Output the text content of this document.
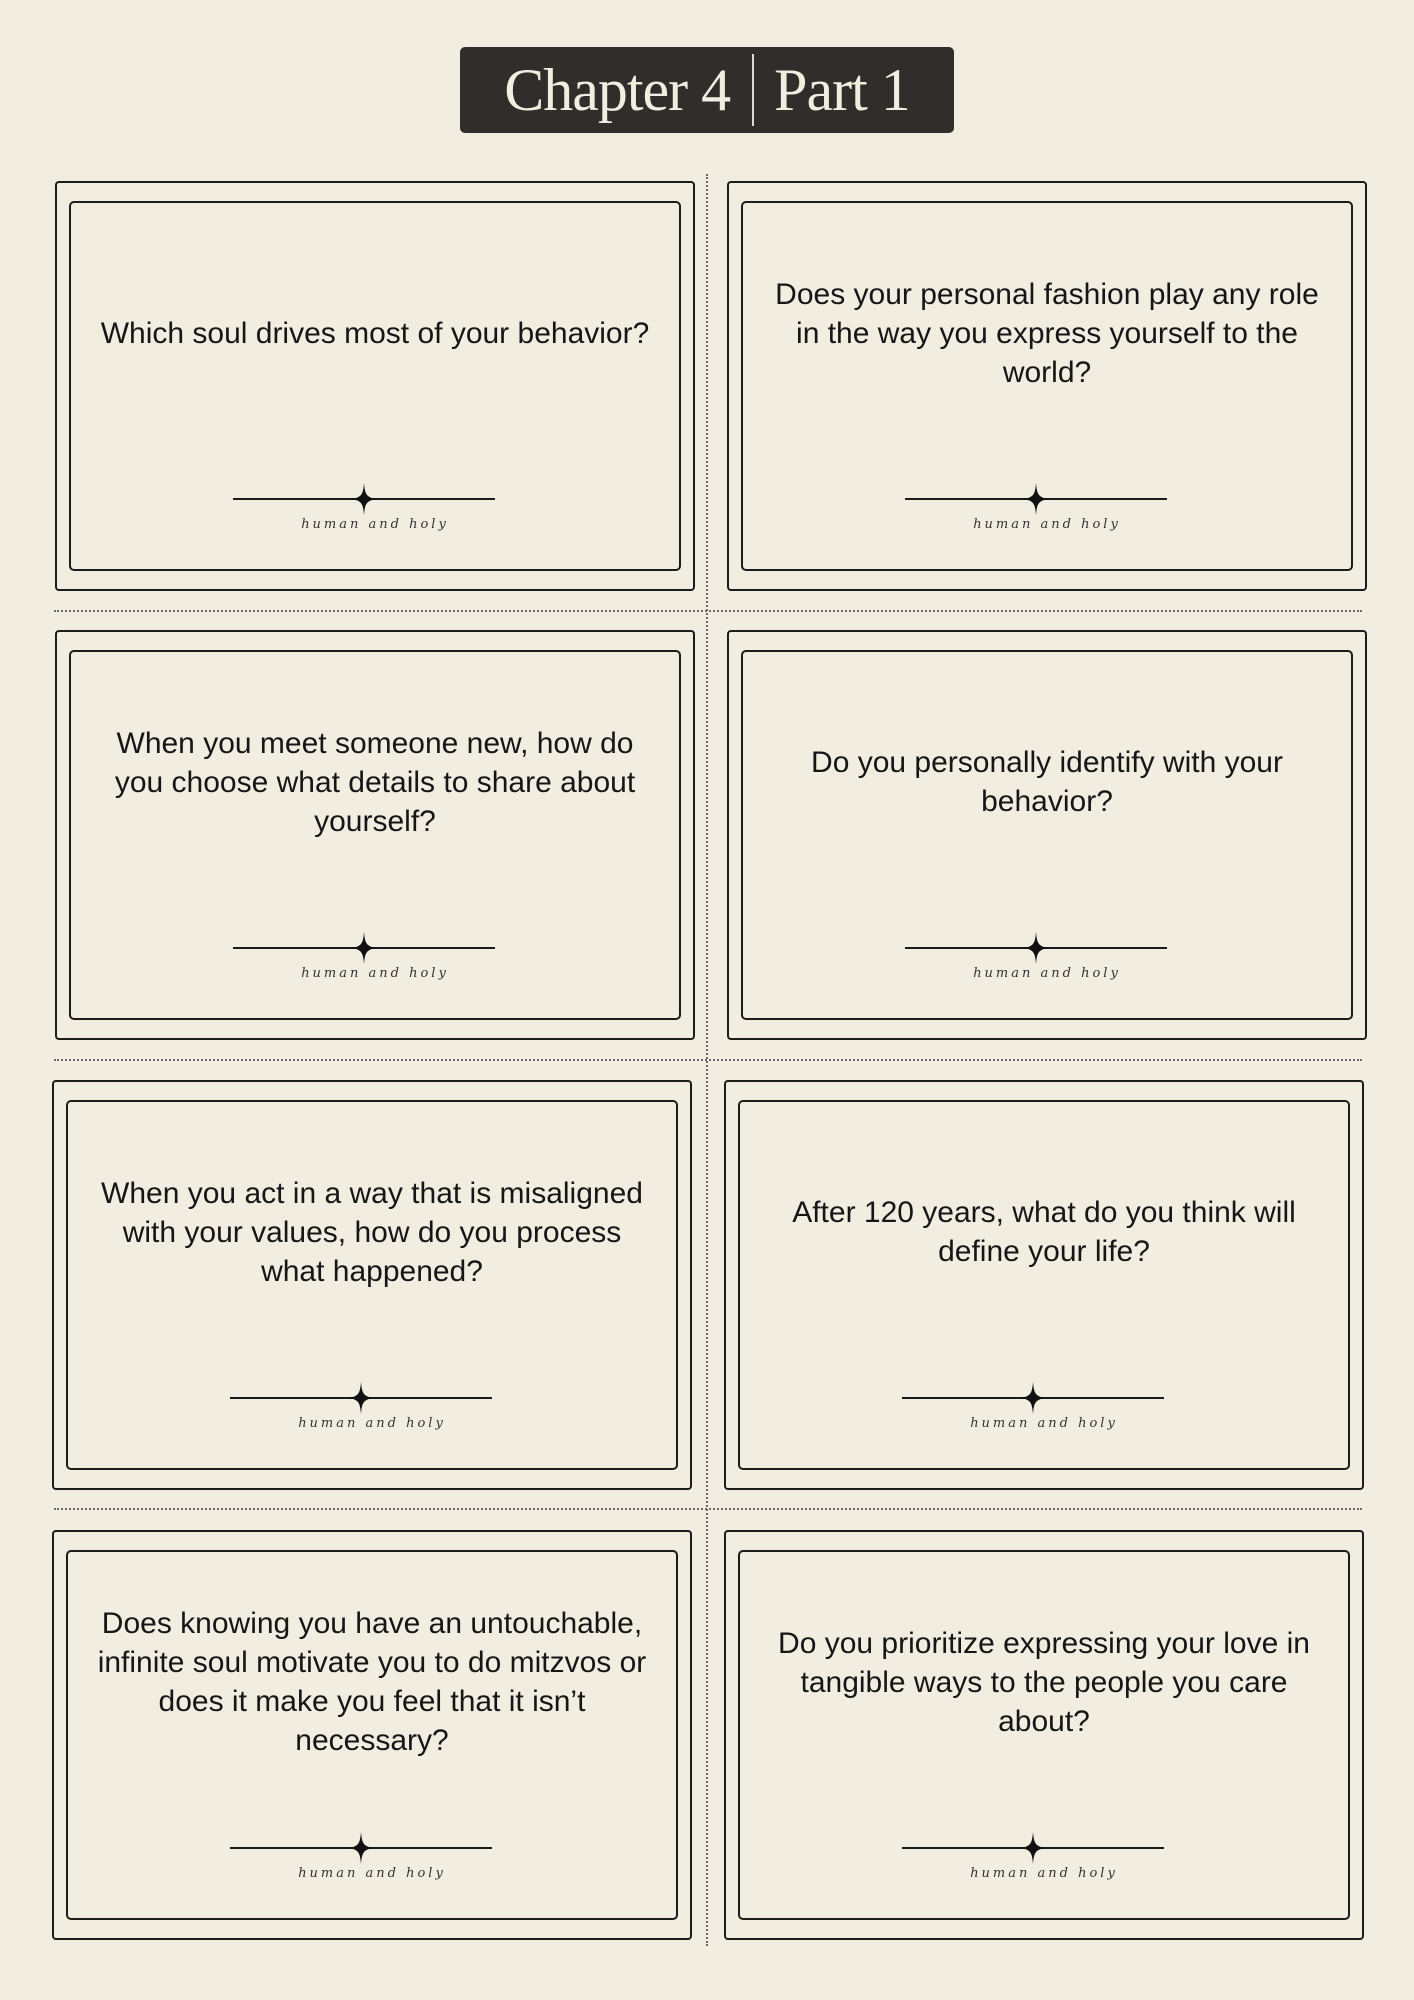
Chapter 4 Part 1
Which soul drives most of your behavior?
human and holy
Does your personal fashion play any role in the way you express yourself to the world?
human and holy
When you meet someone new, how do you choose what details to share about yourself?
human and holy
Do you personally identify with your behavior?
human and holy
When you act in a way that is misaligned with your values, how do you process what happened?
human and holy
After 120 years, what do you think will define your life?
human and holy
Does knowing you have an untouchable, infinite soul motivate you to do mitzvos or does it make you feel that it isn’t necessary?
human and holy
Do you prioritize expressing your love in tangible ways to the people you care about?
human and holy
